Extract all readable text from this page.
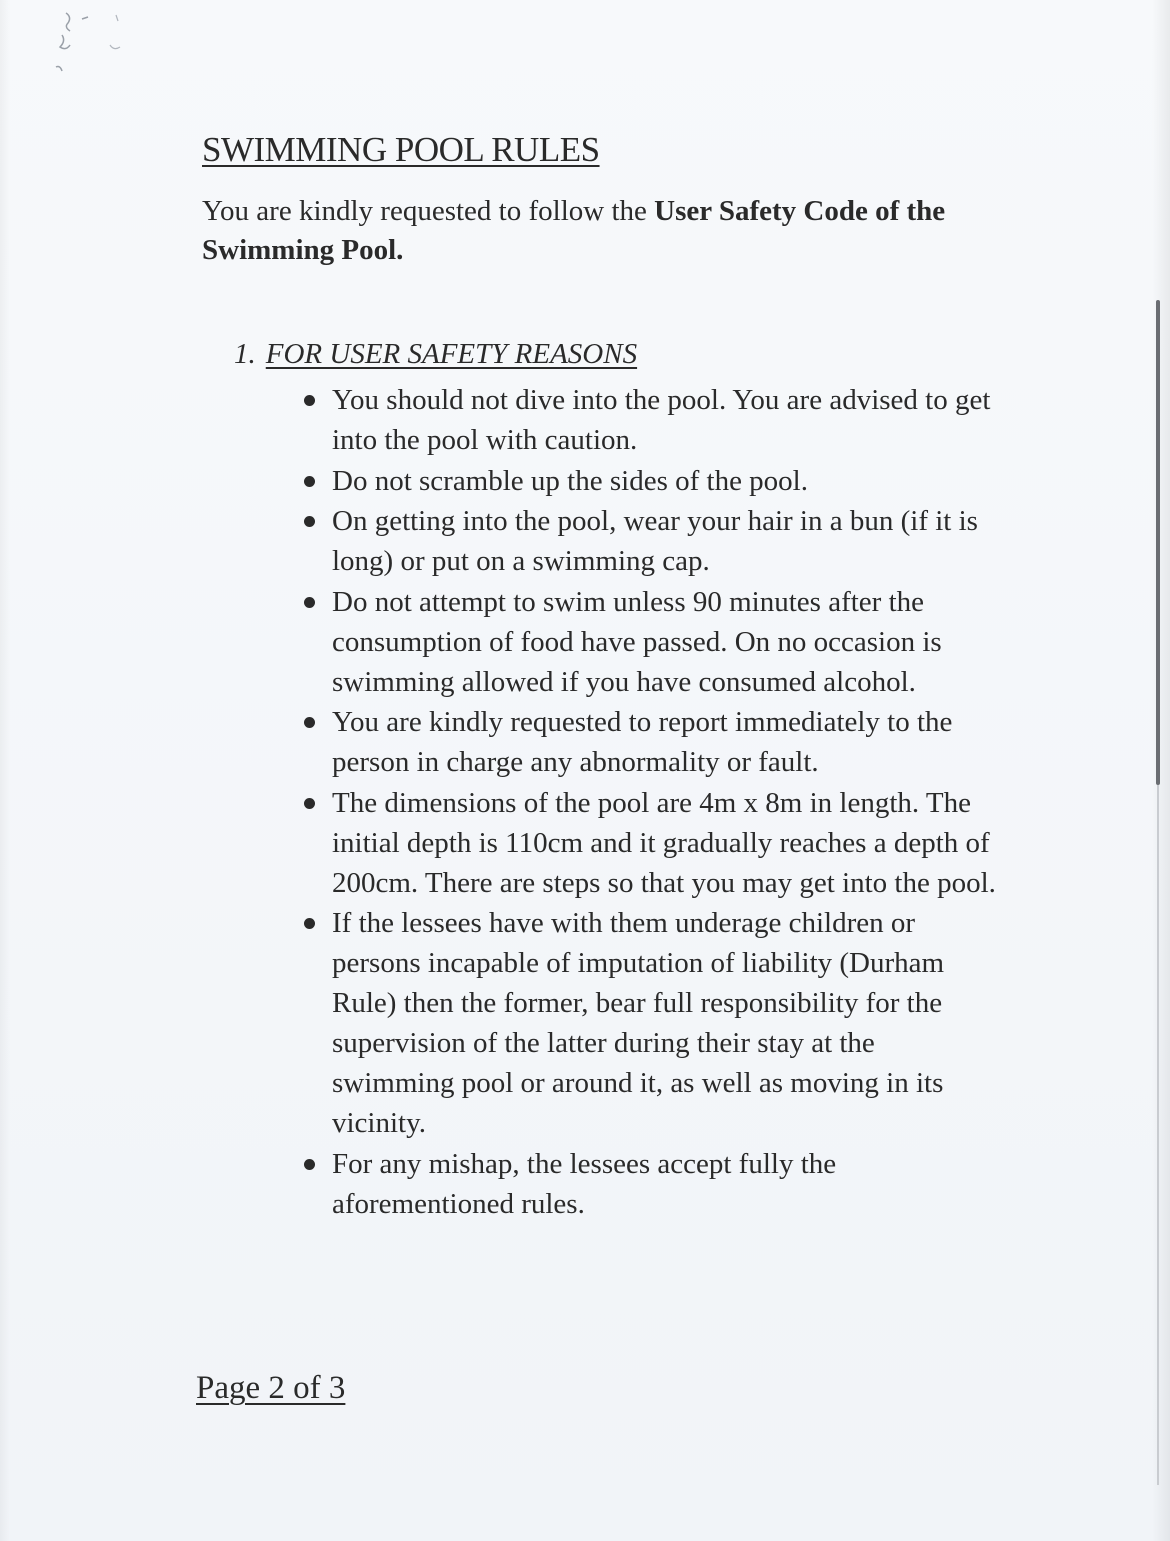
SWIMMING POOL RULES

You are kindly requested to follow the User Safety Code of the Swimming Pool.

1. FOR USER SAFETY REASONS
You should not dive into the pool. You are advised to get into the pool with caution.
Do not scramble up the sides of the pool.
On getting into the pool, wear your hair in a bun (if it is long) or put on a swimming cap.
Do not attempt to swim unless 90 minutes after the consumption of food have passed. On no occasion is swimming allowed if you have consumed alcohol.
You are kindly requested to report immediately to the person in charge any abnormality or fault.
The dimensions of the pool are 4m x 8m in length. The initial depth is 110cm and it gradually reaches a depth of 200cm. There are steps so that you may get into the pool.
If the lessees have with them underage children or persons incapable of imputation of liability (Durham Rule) then the former, bear full responsibility for the supervision of the latter during their stay at the swimming pool or around it, as well as moving in its vicinity.
For any mishap, the lessees accept fully the aforementioned rules.
Page 2 of 3
